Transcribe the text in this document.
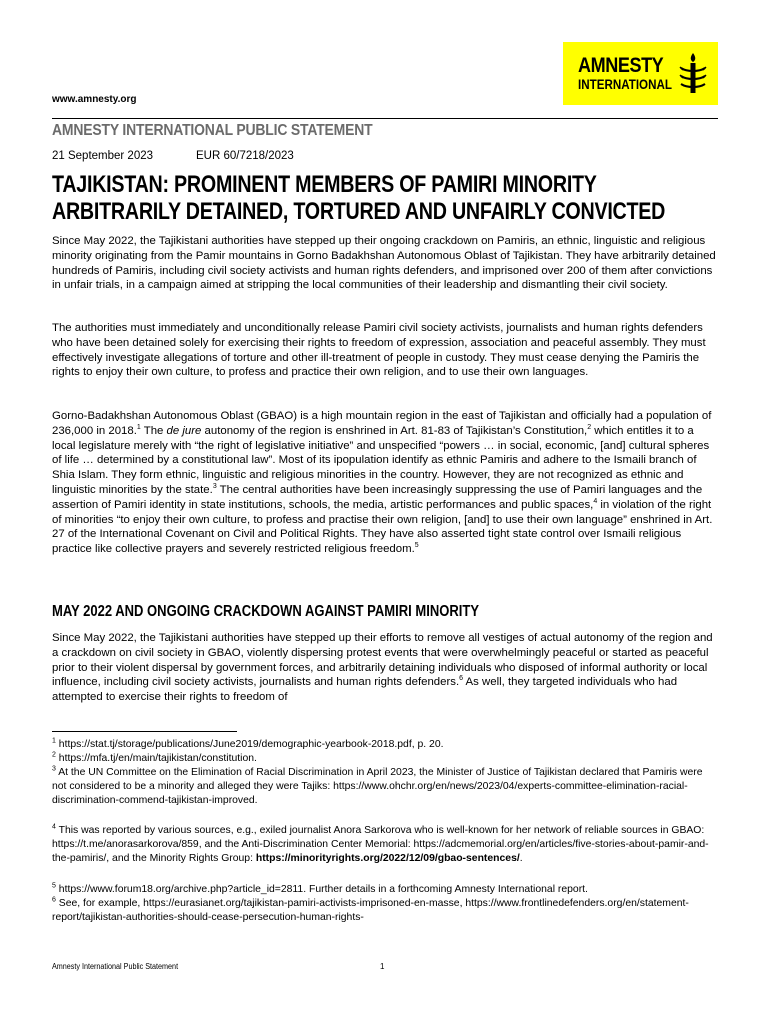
AMNESTY
INTERNATIONAL
www.amnesty.org
AMNESTY INTERNATIONAL PUBLIC STATEMENT
21 September 2023	EUR 60/7218/2023
TAJIKISTAN: PROMINENT MEMBERS OF PAMIRI MINORITY
ARBITRARILY DETAINED, TORTURED AND UNFAIRLY CONVICTED
Since May 2022, the Tajikistani authorities have stepped up their ongoing crackdown on Pamiris, an ethnic, linguistic and religious minority originating from the Pamir mountains in Gorno Badakhshan Autonomous Oblast of Tajikistan. They have arbitrarily detained hundreds of Pamiris, including civil society activists and human rights defenders, and imprisoned over 200 of them after convictions in unfair trials, in a campaign aimed at stripping the local communities of their leadership and dismantling their civil society.
The authorities must immediately and unconditionally release Pamiri civil society activists, journalists and human rights defenders who have been detained solely for exercising their rights to freedom of expression, association and peaceful assembly. They must effectively investigate allegations of torture and other ill-treatment of people in custody. They must cease denying the Pamiris the rights to enjoy their own culture, to profess and practice their own religion, and to use their own languages.
Gorno-Badakhshan Autonomous Oblast (GBAO) is a high mountain region in the east of Tajikistan and officially had a population of 236,000 in 2018.$^1$ The de jure autonomy of the region is enshrined in Art. 81-83 of Tajikistan’s Constitution,$^2$ which entitles it to a local legislature merely with “the right of legislative initiative” and unspecified “powers … in social, economic, [and] cultural spheres of life … determined by a constitutional law”. Most of its ipopulation identify as ethnic Pamiris and adhere to the Ismaili branch of Shia Islam. They form ethnic, linguistic and religious minorities in the country. However, they are not recognized as ethnic and linguistic minorities by the state.$^3$ The central authorities have been increasingly suppressing the use of Pamiri languages and the assertion of Pamiri identity in state institutions, schools, the media, artistic performances and public spaces,$^4$ in violation of the right of minorities “to enjoy their own culture, to profess and practise their own religion, [and] to use their own language” enshrined in Art. 27 of the International Covenant on Civil and Political Rights. They have also asserted tight state control over Ismaili religious practice like collective prayers and severely restricted religious freedom.$^5$
MAY 2022 AND ONGOING CRACKDOWN AGAINST PAMIRI MINORITY
Since May 2022, the Tajikistani authorities have stepped up their efforts to remove all vestiges of actual autonomy of the region and a crackdown on civil society in GBAO, violently dispersing protest events that were overwhelmingly peaceful or started as peaceful prior to their violent dispersal by government forces, and arbitrarily detaining individuals who disposed of informal authority or local influence, including civil society activists, journalists and human rights defenders.$^6$ As well, they targeted individuals who had attempted to exercise their rights to freedom of
$^1$ https://stat.tj/storage/publications/June2019/demographic-yearbook-2018.pdf, p. 20.
$^2$ https://mfa.tj/en/main/tajikistan/constitution.
$^3$ At the UN Committee on the Elimination of Racial Discrimination in April 2023, the Minister of Justice of Tajikistan declared that Pamiris were not considered to be a minority and alleged they were Tajiks: https://www.ohchr.org/en/news/2023/04/experts-committee-elimination-racial-discrimination-commend-tajikistan-improved.
$^4$ This was reported by various sources, e.g., exiled journalist Anora Sarkorova who is well-known for her network of reliable sources in GBAO: https://t.me/anorasarkorova/859, and the Anti-Discrimination Center Memorial: https://adcmemorial.org/en/articles/five-stories-about-pamir-and-the-pamiris/, and the Minority Rights Group: https://minorityrights.org/2022/12/09/gbao-sentences/.
$^5$ https://www.forum18.org/archive.php?article_id=2811. Further details in a forthcoming Amnesty International report.
$^6$ See, for example, https://eurasianet.org/tajikistan-pamiri-activists-imprisoned-en-masse, https://www.frontlinedefenders.org/en/statement-report/tajikistan-authorities-should-cease-persecution-human-rights-
Amnesty International Public Statement	1
